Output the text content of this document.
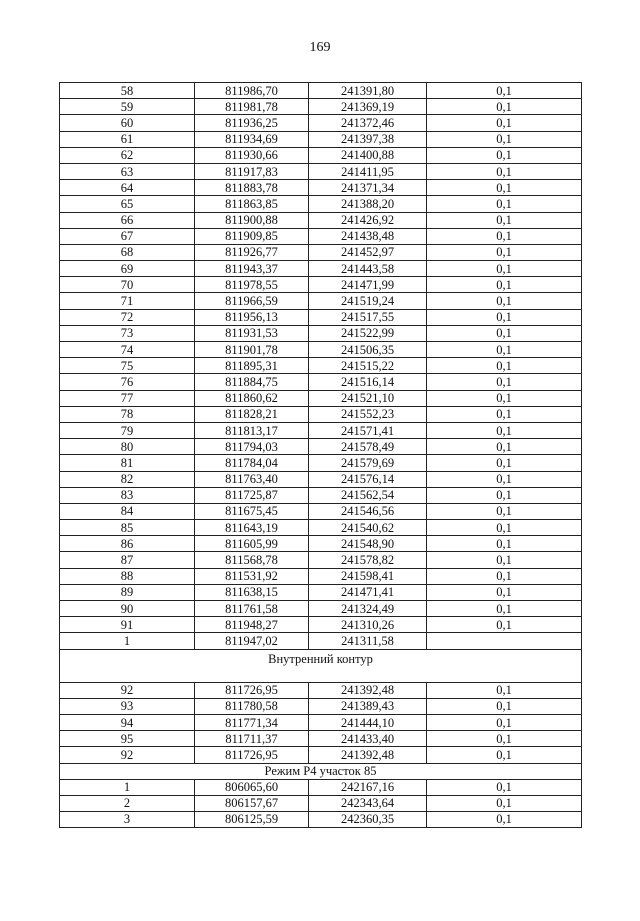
169
58	811986,70	241391,80	0,1
59	811981,78	241369,19	0,1
60	811936,25	241372,46	0,1
61	811934,69	241397,38	0,1
62	811930,66	241400,88	0,1
63	811917,83	241411,95	0,1
64	811883,78	241371,34	0,1
65	811863,85	241388,20	0,1
66	811900,88	241426,92	0,1
67	811909,85	241438,48	0,1
68	811926,77	241452,97	0,1
69	811943,37	241443,58	0,1
70	811978,55	241471,99	0,1
71	811966,59	241519,24	0,1
72	811956,13	241517,55	0,1
73	811931,53	241522,99	0,1
74	811901,78	241506,35	0,1
75	811895,31	241515,22	0,1
76	811884,75	241516,14	0,1
77	811860,62	241521,10	0,1
78	811828,21	241552,23	0,1
79	811813,17	241571,41	0,1
80	811794,03	241578,49	0,1
81	811784,04	241579,69	0,1
82	811763,40	241576,14	0,1
83	811725,87	241562,54	0,1
84	811675,45	241546,56	0,1
85	811643,19	241540,62	0,1
86	811605,99	241548,90	0,1
87	811568,78	241578,82	0,1
88	811531,92	241598,41	0,1
89	811638,15	241471,41	0,1
90	811761,58	241324,49	0,1
91	811948,27	241310,26	0,1
1	811947,02	241311,58	
Внутренний контур			
92	811726,95	241392,48	0,1
93	811780,58	241389,43	0,1
94	811771,34	241444,10	0,1
95	811711,37	241433,40	0,1
92	811726,95	241392,48	0,1
Режим Р4 участок 85			
1	806065,60	242167,16	0,1
2	806157,67	242343,64	0,1
3	806125,59	242360,35	0,1
